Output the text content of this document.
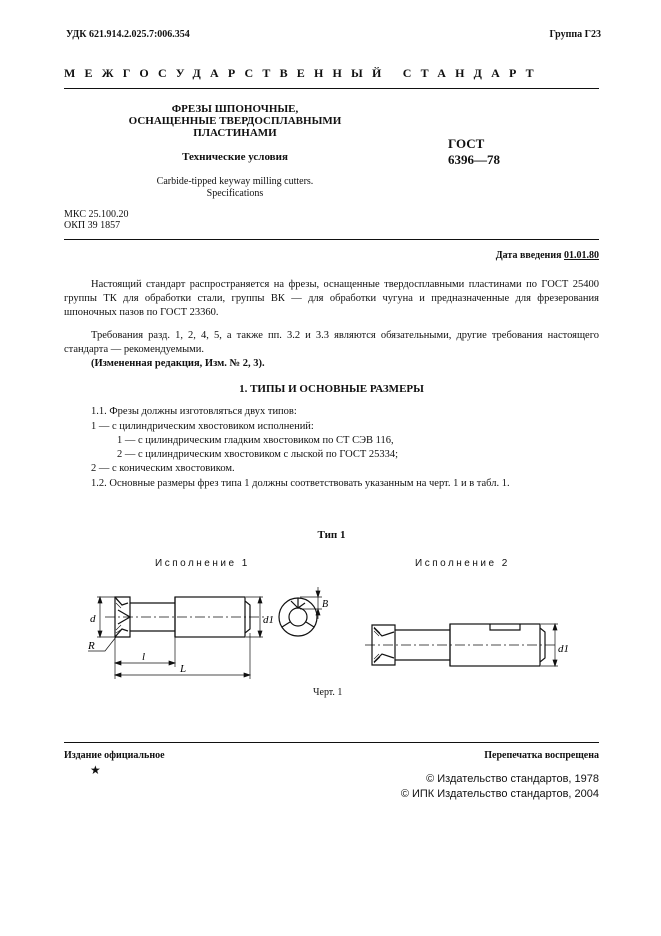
УДК 621.914.2.025.7:006.354	Группа Г23
МЕЖГОСУДАРСТВЕННЫЙ СТАНДАРТ
ФРЕЗЫ ШПОНОЧНЫЕ,
ОСНАЩЕННЫЕ ТВЕРДОСПЛАВНЫМИ
ПЛАСТИНАМИ
Технические условия
Carbide-tipped keyway milling cutters.
Specifications
ГОСТ
6396—78
МКС 25.100.20
ОКП 39 1857
Дата введения 01.01.80
Настоящий стандарт распространяется на фрезы, оснащенные твердосплавными пластинами по ГОСТ 25400 группы ТК для обработки стали, группы ВК — для обработки чугуна и предназначенные для фрезерования шпоночных пазов по ГОСТ 23360.
Требования разд. 1, 2, 4, 5, а также пп. 3.2 и 3.3 являются обязательными, другие требования настоящего стандарта — рекомендуемыми.
(Измененная редакция, Изм. № 2, 3).
1. ТИПЫ И ОСНОВНЫЕ РАЗМЕРЫ
1.1. Фрезы должны изготовляться двух типов:
1 — с цилиндрическим хвостовиком исполнений:
1 — с цилиндрическим гладким хвостовиком по СТ СЭВ 116,
2 — с цилиндрическим хвостовиком с лыской по ГОСТ 25334;
2 — с коническим хвостовиком.
1.2. Основные размеры фрез типа 1 должны соответствовать указанным на черт. 1 и в табл. 1.
Тип 1
Исполнение 1	Исполнение 2
d	d1
R
l
L
B
d1
Черт. 1
Издание официальное
★
Перепечатка воспрещена
© Издательство стандартов, 1978
© ИПК Издательство стандартов, 2004
